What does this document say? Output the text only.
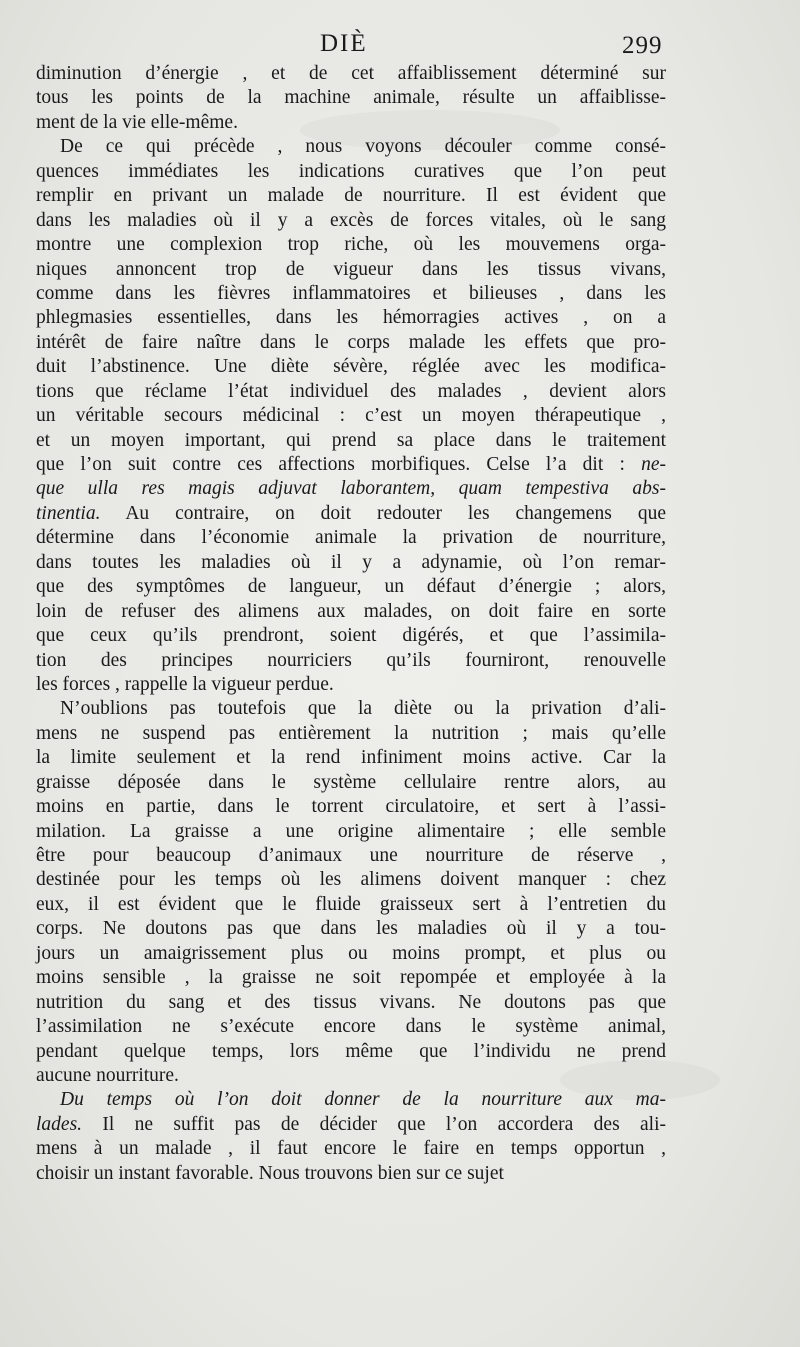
DIÈ	299
diminution d’énergie , et de cet affaiblissement déterminé sur
tous les points de la machine animale, résulte un affaiblisse-
ment de la vie elle-même.
De ce qui précède , nous voyons découler comme consé-
quences immédiates les indications curatives que l’on peut
remplir en privant un malade de nourriture. Il est évident que
dans les maladies où il y a excès de forces vitales, où le sang
montre une complexion trop riche, où les mouvemens orga-
niques annoncent trop de vigueur dans les tissus vivans,
comme dans les fièvres inflammatoires et bilieuses , dans les
phlegmasies essentielles, dans les hémorragies actives , on a
intérêt de faire naître dans le corps malade les effets que pro-
duit l’abstinence. Une diète sévère, réglée avec les modifica-
tions que réclame l’état individuel des malades , devient alors
un véritable secours médicinal : c’est un moyen thérapeutique ,
et un moyen important, qui prend sa place dans le traitement
que l’on suit contre ces affections morbifiques. Celse l’a dit : ne-
que ulla res magis adjuvat laborantem, quam tempestiva abs-
tinentia. Au contraire, on doit redouter les changemens que
détermine dans l’économie animale la privation de nourriture,
dans toutes les maladies où il y a adynamie, où l’on remar-
que des symptômes de langueur, un défaut d’énergie ; alors,
loin de refuser des alimens aux malades, on doit faire en sorte
que ceux qu’ils prendront, soient digérés, et que l’assimila-
tion des principes nourriciers qu’ils fourniront, renouvelle
les forces , rappelle la vigueur perdue.
N’oublions pas toutefois que la diète ou la privation d’ali-
mens ne suspend pas entièrement la nutrition ; mais qu’elle
la limite seulement et la rend infiniment moins active. Car la
graisse déposée dans le système cellulaire rentre alors, au
moins en partie, dans le torrent circulatoire, et sert à l’assi-
milation. La graisse a une origine alimentaire ; elle semble
être pour beaucoup d’animaux une nourriture de réserve ,
destinée pour les temps où les alimens doivent manquer : chez
eux, il est évident que le fluide graisseux sert à l’entretien du
corps. Ne doutons pas que dans les maladies où il y a tou-
jours un amaigrissement plus ou moins prompt, et plus ou
moins sensible , la graisse ne soit repompée et employée à la
nutrition du sang et des tissus vivans. Ne doutons pas que
l’assimilation ne s’exécute encore dans le système animal,
pendant quelque temps, lors même que l’individu ne prend
aucune nourriture.
Du temps où l’on doit donner de la nourriture aux ma-
lades. Il ne suffit pas de décider que l’on accordera des ali-
mens à un malade , il faut encore le faire en temps opportun ,
choisir un instant favorable. Nous trouvons bien sur ce sujet
